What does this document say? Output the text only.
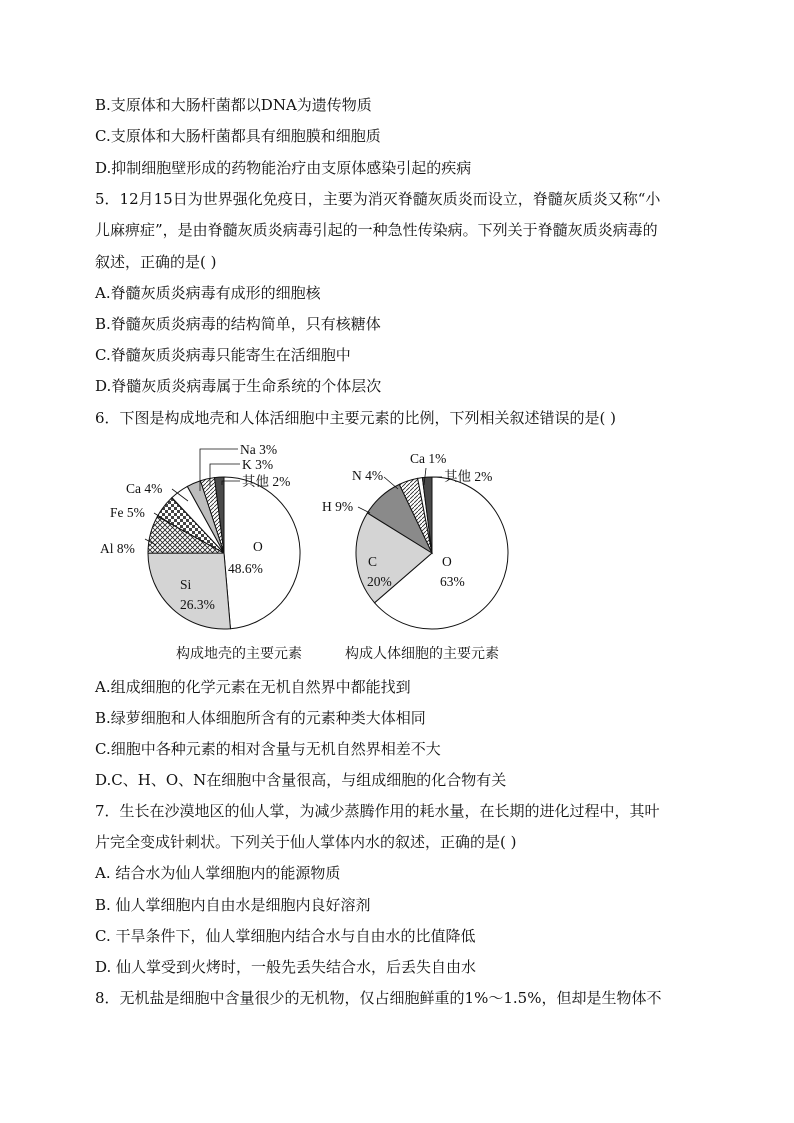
B.支原体和大肠杆菌都以DNA为遗传物质
C.支原体和大肠杆菌都具有细胞膜和细胞质
D.抑制细胞壁形成的药物能治疗由支原体感染引起的疾病
5．12月15日为世界强化免疫日，主要为消灭脊髓灰质炎而设立，脊髓灰质炎又称“小
儿麻痹症”，是由脊髓灰质炎病毒引起的一种急性传染病。下列关于脊髓灰质炎病毒的
叙述，正确的是( )
A.脊髓灰质炎病毒有成形的细胞核
B.脊髓灰质炎病毒的结构简单，只有核糖体
C.脊髓灰质炎病毒只能寄生在活细胞中
D.脊髓灰质炎病毒属于生命系统的个体层次
6．下图是构成地壳和人体活细胞中主要元素的比例，下列相关叙述错误的是( )
O
48.6%
Si
26.3%
Al 8%
Fe 5%
Ca 4%
Na 3%
K 3%
其他 2%
构成地壳的主要元素
O
63%
C
20%
H 9%
N 4%
Ca 1%
其他 2%
构成人体细胞的主要元素
A.组成细胞的化学元素在无机自然界中都能找到
B.绿萝细胞和人体细胞所含有的元素种类大体相同
C.细胞中各种元素的相对含量与无机自然界相差不大
D.C、H、O、N在细胞中含量很高，与组成细胞的化合物有关
7．生长在沙漠地区的仙人掌，为减少蒸腾作用的耗水量，在长期的进化过程中，其叶
片完全变成针刺状。下列关于仙人掌体内水的叙述，正确的是( )
A. 结合水为仙人掌细胞内的能源物质
B. 仙人掌细胞内自由水是细胞内良好溶剂
C. 干旱条件下，仙人掌细胞内结合水与自由水的比值降低
D. 仙人掌受到火烤时，一般先丢失结合水，后丢失自由水
8．无机盐是细胞中含量很少的无机物，仅占细胞鲜重的1%～1.5%，但却是生物体不
